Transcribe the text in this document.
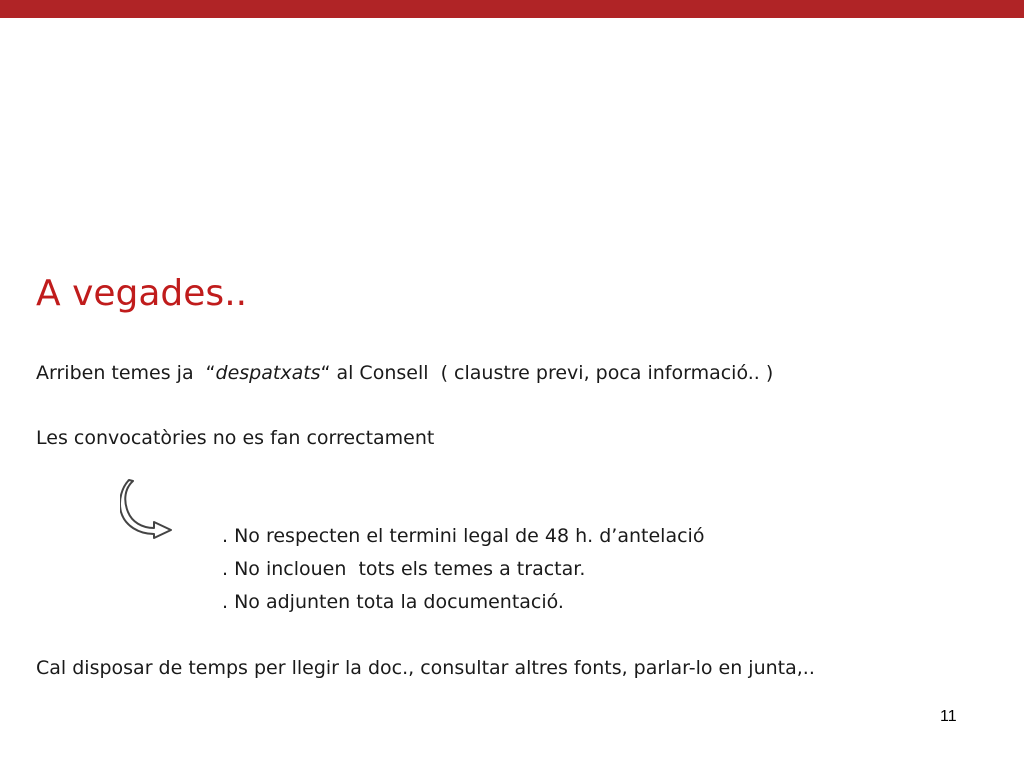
A vegades..
Arriben temes ja  “despatxats“ al Consell  ( claustre previ, poca informació.. )
Les convocatòries no es fan correctament
. No respecten el termini legal de 48 h. d’antelació
. No inclouen  tots els temes a tractar.
. No adjunten tota la documentació.
Cal disposar de temps per llegir la doc., consultar altres fonts, parlar-lo en junta,..
11
